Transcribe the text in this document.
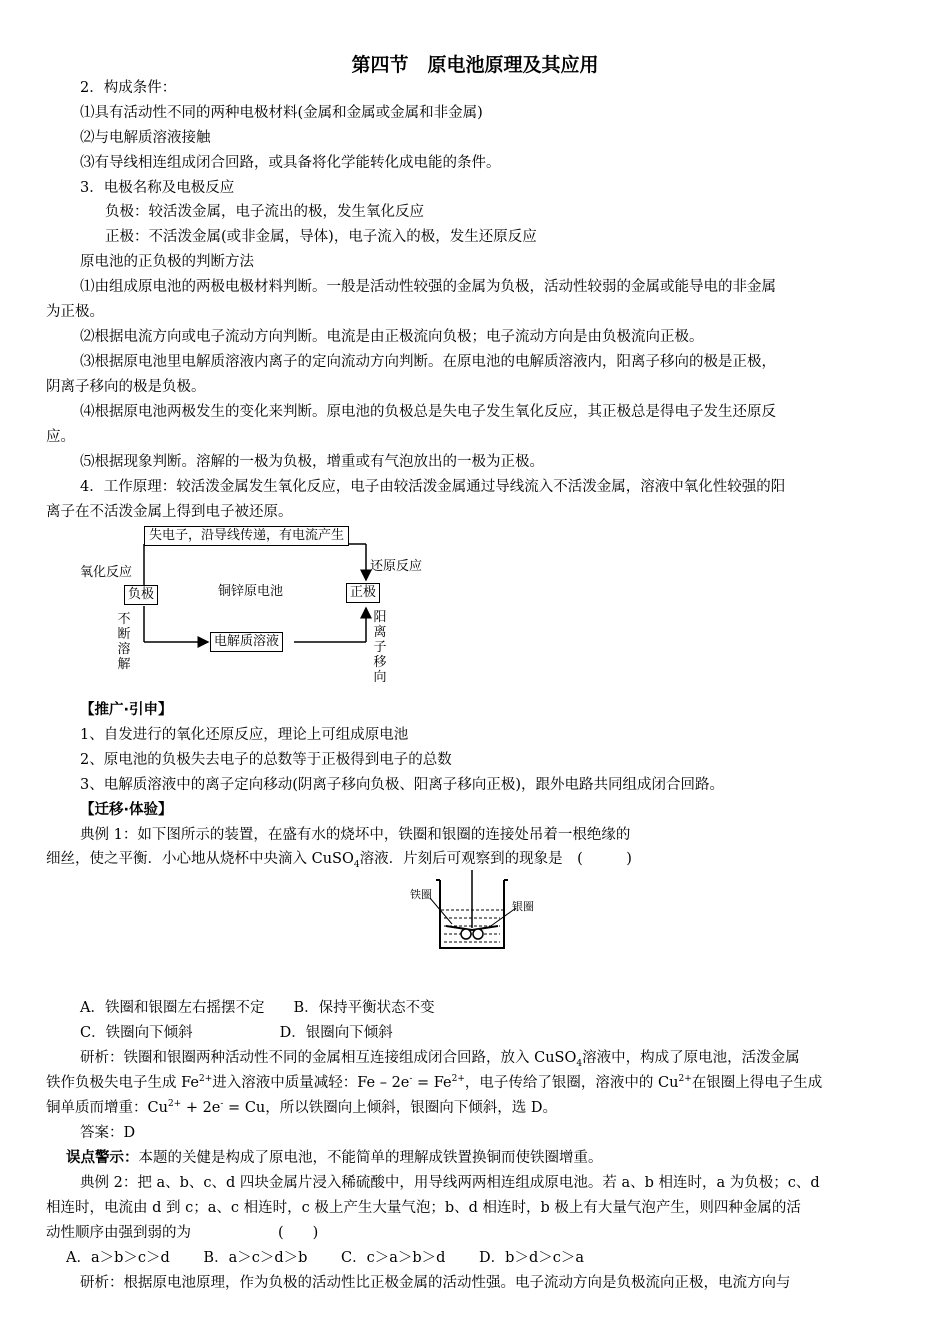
第四节　原电池原理及其应用
2．构成条件：
⑴具有活动性不同的两种电极材料(金属和金属或金属和非金属)
⑵与电解质溶液接触
⑶有导线相连组成闭合回路，或具备将化学能转化成电能的条件。
3．电极名称及电极反应
负极：较活泼金属，电子流出的极，发生氧化反应
正极：不活泼金属(或非金属，导体)，电子流入的极，发生还原反应
原电池的正负极的判断方法
⑴由组成原电池的两极电极材料判断。一般是活动性较强的金属为负极，活动性较弱的金属或能导电的非金属
为正极。
⑵根据电流方向或电子流动方向判断。电流是由正极流向负极；电子流动方向是由负极流向正极。
⑶根据原电池里电解质溶液内离子的定向流动方向判断。在原电池的电解质溶液内，阳离子移向的极是正极，
阴离子移向的极是负极。
⑷根据原电池两极发生的变化来判断。原电池的负极总是失电子发生氧化反应，其正极总是得电子发生还原反
应。
⑸根据现象判断。溶解的一极为负极，增重或有气泡放出的一极为正极。
4．工作原理：较活泼金属发生氧化反应，电子由较活泼金属通过导线流入不活泼金属，溶液中氧化性较强的阳
离子在不活泼金属上得到电子被还原。
失电子，沿导线传递，有电流产生
氧化反应	还原反应
负极	正极
铜锌原电池
电解质溶液
不断溶解
阳离子移向
【推广·引申】
1、自发进行的氧化还原反应，理论上可组成原电池
2、原电池的负极失去电子的总数等于正极得到电子的总数
3、电解质溶液中的离子定向移动(阴离子移向负极、阳离子移向正极)，跟外电路共同组成闭合回路。
【迁移·体验】
典例 1：如下图所示的装置，在盛有水的烧坏中，铁圈和银圈的连接处吊着一根绝缘的
细丝，使之平衡．小心地从烧杯中央滴入 CuSO$_4$溶液．片刻后可观察到的现象是　(　　　)
铁圈
银圈
A．铁圈和银圈左右摇摆不定　　B．保持平衡状态不变
C．铁圈向下倾斜　　　　　　D．银圈向下倾斜
研析：铁圈和银圈两种活动性不同的金属相互连接组成闭合回路，放入 CuSO$_4$溶液中，构成了原电池，活泼金属
铁作负极失电子生成 $Fe^{2+}$进入溶液中质量减轻：$Fe - 2e^- = Fe^{2+}$，电子传给了银圈，溶液中的 $Cu^{2+}$在银圈上得电子生成
铜单质而增重：$Cu^{2+} + 2e^- = Cu$，所以铁圈向上倾斜，银圈向下倾斜，选 D。
答案：D
误点警示：本题的关健是构成了原电池，不能简单的理解成铁置换铜而使铁圈增重。
典例 2：把 a、b、c、d 四块金属片浸入稀硫酸中，用导线两两相连组成原电池。若 a、b 相连时，a 为负极；c、d
相连时，电流由 d 到 c；a、c 相连时，c 极上产生大量气泡；b、d 相连时，b 极上有大量气泡产生，则四种金属的活
动性顺序由强到弱的为　　　　　　(　　)
A．a＞b＞c＞d　　 B．a＞c＞d＞b　　 C．c＞a＞b＞d　　 D．b＞d＞c＞a
研析：根据原电池原理，作为负极的活动性比正极金属的活动性强。电子流动方向是负极流向正极，电流方向与
